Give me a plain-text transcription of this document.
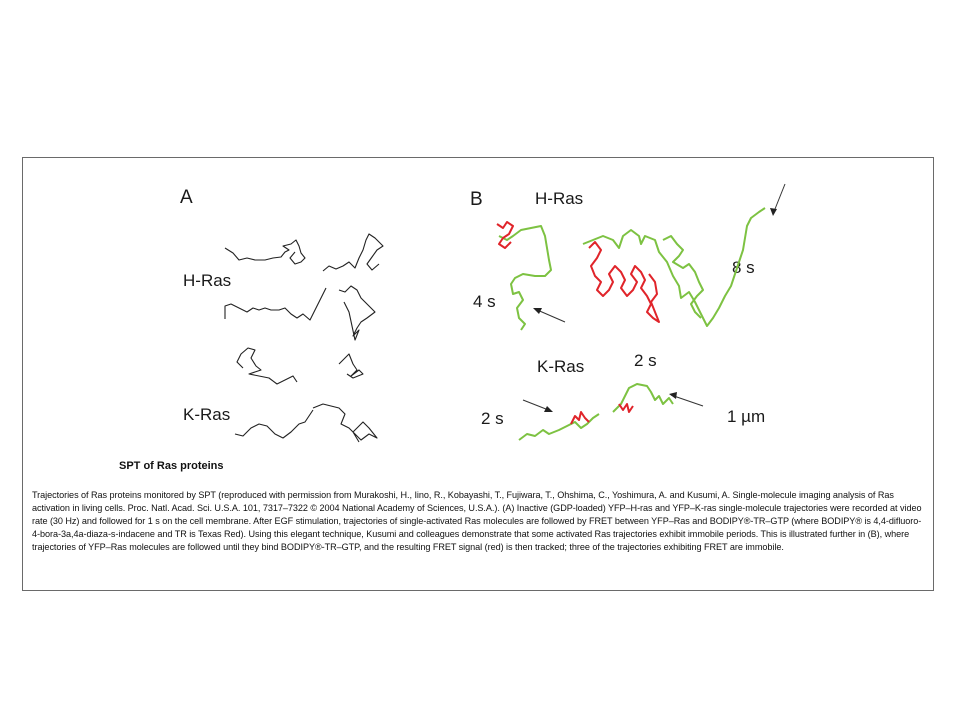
A
H-Ras
K-Ras
B	H-Ras
K-Ras
4 s
8 s
2 s
2 s
1 µm
SPT of Ras proteins
Trajectories of Ras proteins monitored by SPT (reproduced with permission from Murakoshi, H., Iino, R., Kobayashi, T., Fujiwara, T., Ohshima, C., Yoshimura, A. and Kusumi, A. Single-molecule imaging analysis of Ras activation in living cells. Proc. Natl. Acad. Sci. U.S.A. 101, 7317–7322 © 2004 National Academy of Sciences, U.S.A.). (A) Inactive (GDP-loaded) YFP–H-ras and YFP–K-ras single-molecule trajectories were recorded at video rate (30 Hz) and followed for 1 s on the cell membrane. After EGF stimulation, trajectories of single-activated Ras molecules are followed by FRET between YFP–Ras and BODIPY®-TR–GTP (where BODIPY® is 4,4-difluoro-4-bora-3a,4a-diaza-s-indacene and TR is Texas Red). Using this elegant technique, Kusumi and colleagues demonstrate that some activated Ras trajectories exhibit immobile periods. This is illustrated further in (B), where trajectories of YFP–Ras molecules are followed until they bind BODIPY®-TR–GTP, and the resulting FRET signal (red) is then tracked; three of the trajectories exhibiting FRET are immobile.
